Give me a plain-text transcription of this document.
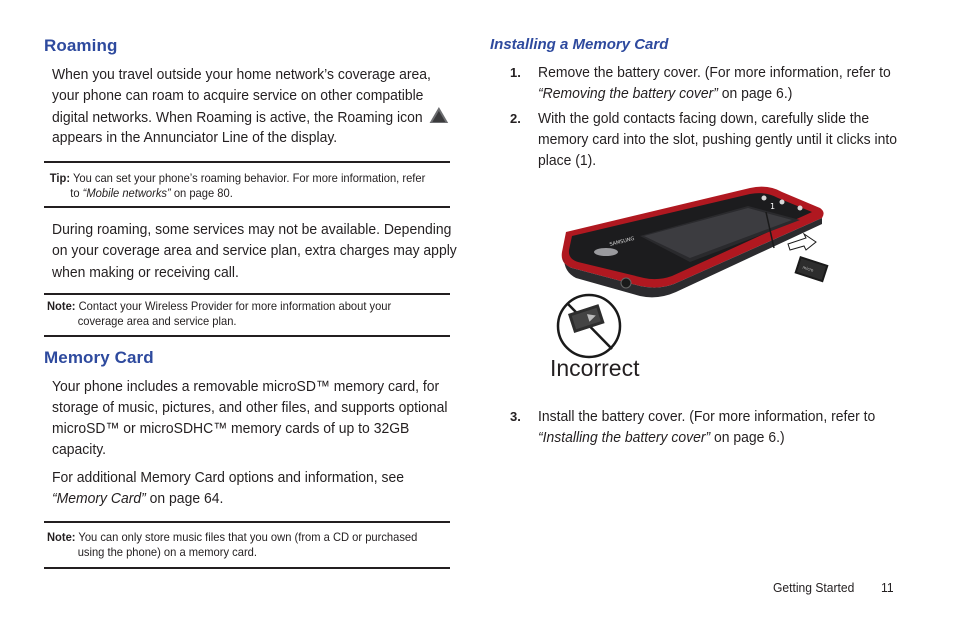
Roaming

When you travel outside your home network’s coverage area,

your phone can roam to acquire service on other compatible

digital networks. When Roaming is active, the Roaming icon

appears in the Annunciator Line of the display.

Tip: You can set your phone’s roaming behavior. For more information, refer
to “Mobile networks” on page 80.

During roaming, some services may not be available. Depending

on your coverage area and service plan, extra charges may apply

when making or receiving call.

Note: Contact your Wireless Provider for more information about your
coverage area and service plan.
Memory Card

Your phone includes a removable microSD™ memory card, for

storage of music, pictures, and other files, and supports optional

microSD™ or microSDHC™ memory cards of up to 32GB

capacity.

For additional Memory Card options and information, see

“Memory Card” on page 64.

Note: You can only store music files that you own (from a CD or purchased
using the phone) on a memory card.
Installing a Memory Card
1. Remove the battery cover. (For more information, refer to
“Removing the battery cover” on page 6.)

2. With the gold contacts facing down, carefully slide the
memory card into the slot, pushing gently until it clicks into
place (1).

SAMSUNG
1
micro
Incorrect
3. Install the battery cover. (For more information, refer to
“Installing the battery cover” on page 6.)

Getting Started 11
